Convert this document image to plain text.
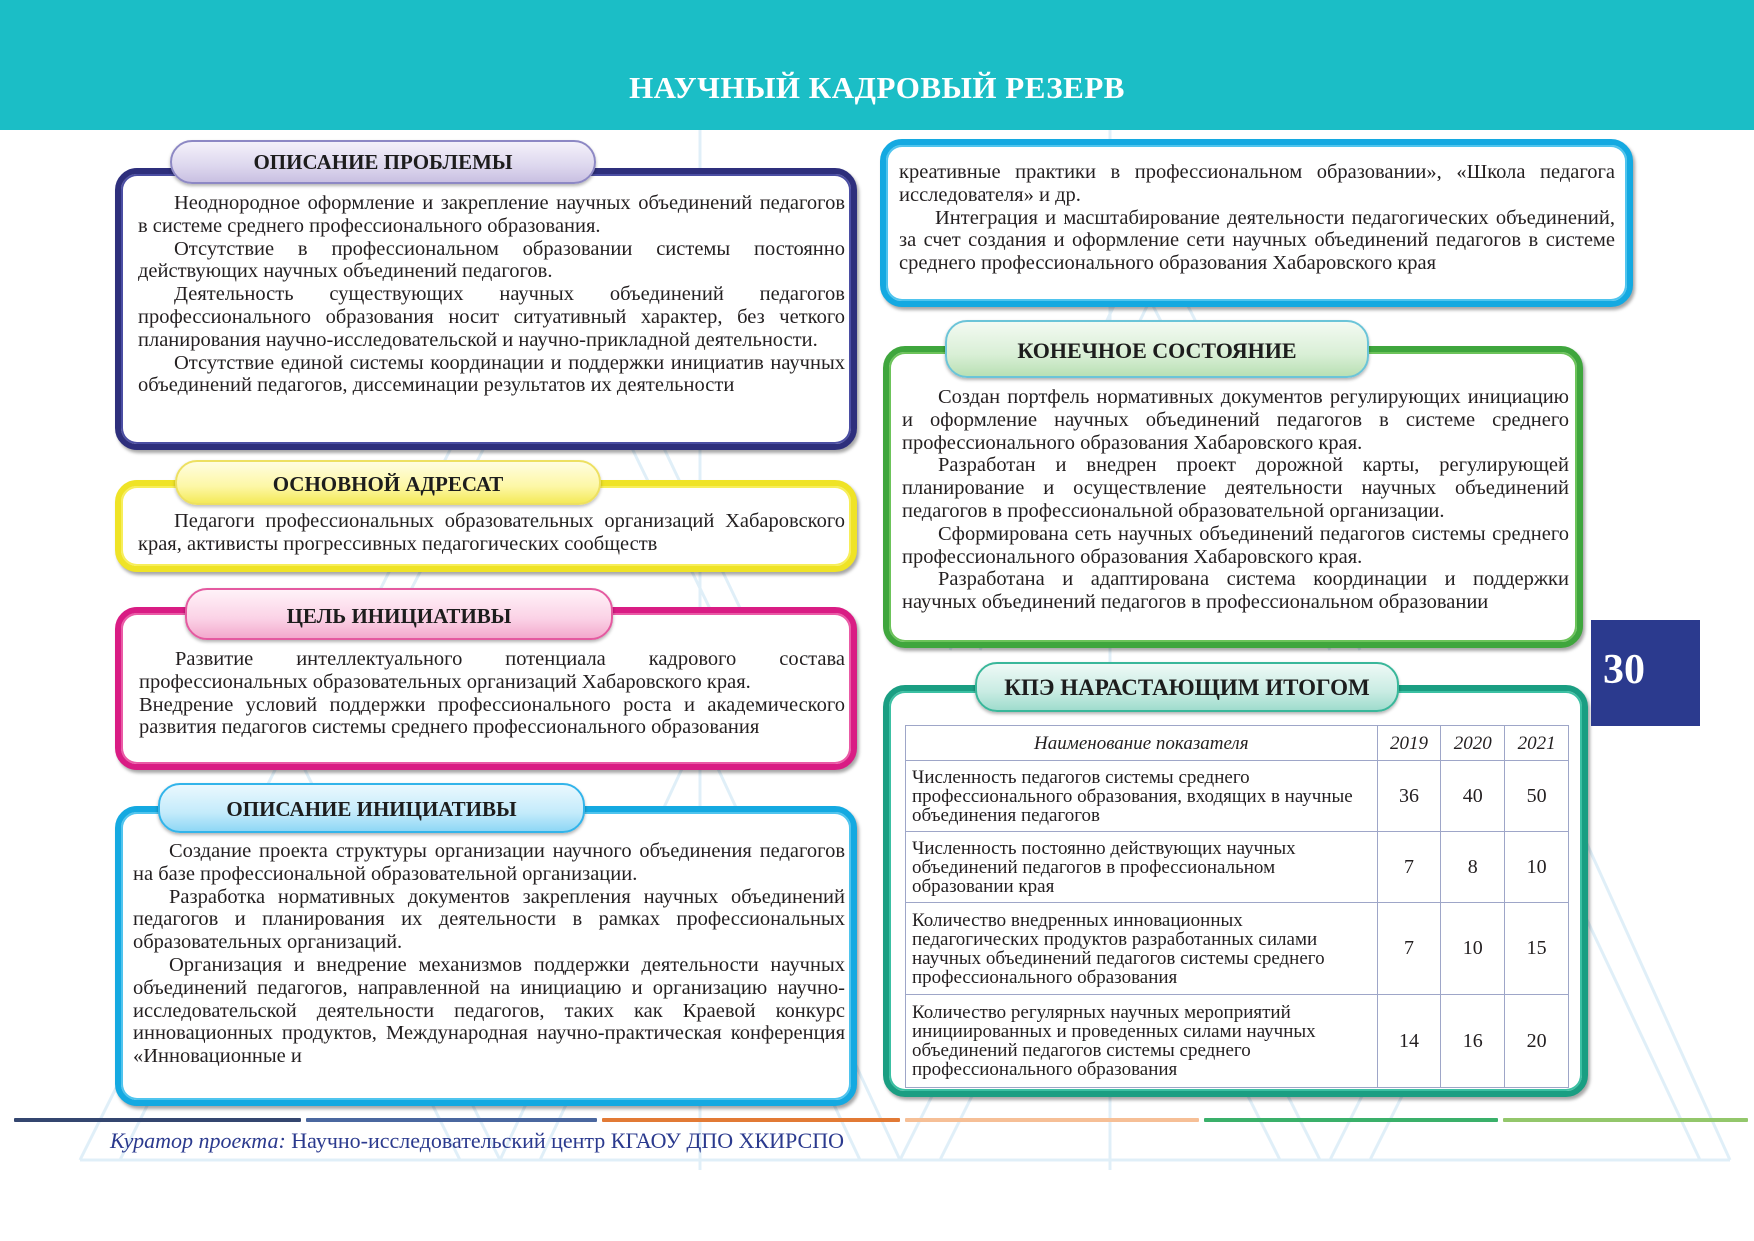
НАУЧНЫЙ КАДРОВЫЙ РЕЗЕРВ

Неоднородное оформление и закрепление научных объединений педагогов в системе среднего профессионального образования.

Отсутствие в профессиональном образовании системы постоянно действующих научных объединений педагогов.

Деятельность существующих научных объединений педагогов профессионального образования носит ситуативный характер, без четкого планирования научно-исследовательской и научно-прикладной деятельности.

Отсутствие единой системы координации и поддержки инициатив научных объединений педагогов, диссеминации результатов их деятельности

ОПИСАНИЕ ПРОБЛЕМЫ

Педагоги профессиональных образовательных организаций Хабаровского края, активисты прогрессивных педагогических сообществ

ОСНОВНОЙ АДРЕСАТ

Развитие интеллектуального потенциала кадрового состава профессиональных образовательных организаций Хабаровского края.

Внедрение условий поддержки профессионального роста и академического развития педагогов системы среднего профессионального образования

ЦЕЛЬ ИНИЦИАТИВЫ

Создание проекта структуры организации научного объединения педагогов на базе профессиональной образовательной организации.

Разработка нормативных документов закрепления научных объединений педагогов и планирования их деятельности в рамках профессиональных образовательных организаций.

Организация и внедрение механизмов поддержки деятельности научных объединений педагогов, направленной на инициацию и организацию научно-исследовательской деятельности педагогов, таких как Краевой конкурс инновационных продуктов, Международная научно-практическая конференция «Инновационные и

ОПИСАНИЕ ИНИЦИАТИВЫ

креативные практики в профессиональном образовании», «Школа педагога исследователя» и др.

Интеграция и масштабирование деятельности педагогических объединений, за счет создания и оформление сети научных объединений педагогов в системе среднего профессионального образования Хабаровского края

Создан портфель нормативных документов регулирующих инициацию и оформление научных объединений педагогов в системе среднего профессионального образования Хабаровского края.

Разработан и внедрен проект дорожной карты, регулирующей планирование и осуществление деятельности научных объединений педагогов в профессиональной образовательной организации.

Сформирована сеть научных объединений педагогов системы среднего профессионального образования Хабаровского края.

Разработана и адаптирована система координации и поддержки научных объединений педагогов в профессиональном образовании

КОНЕЧНОЕ СОСТОЯНИЕ
Наименование показателя	2019	2020	2021
Численность педагогов системы среднего профессионального образования, входящих в научные объединения педагогов	36	40	50
Численность постоянно действующих научных объединений педагогов в профессиональном образовании края	7	8	10
Количество внедренных инновационных педагогических продуктов разработанных силами научных объединений педагогов системы среднего профессионального образования	7	10	15
Количество регулярных научных мероприятий инициированных и проведенных силами научных объединений педагогов системы среднего профессионального образования	14	16	20
КПЭ НАРАСТАЮЩИМ ИТОГОМ	30
Куратор проекта: Научно-исследовательский центр КГАОУ ДПО ХКИРСПО
